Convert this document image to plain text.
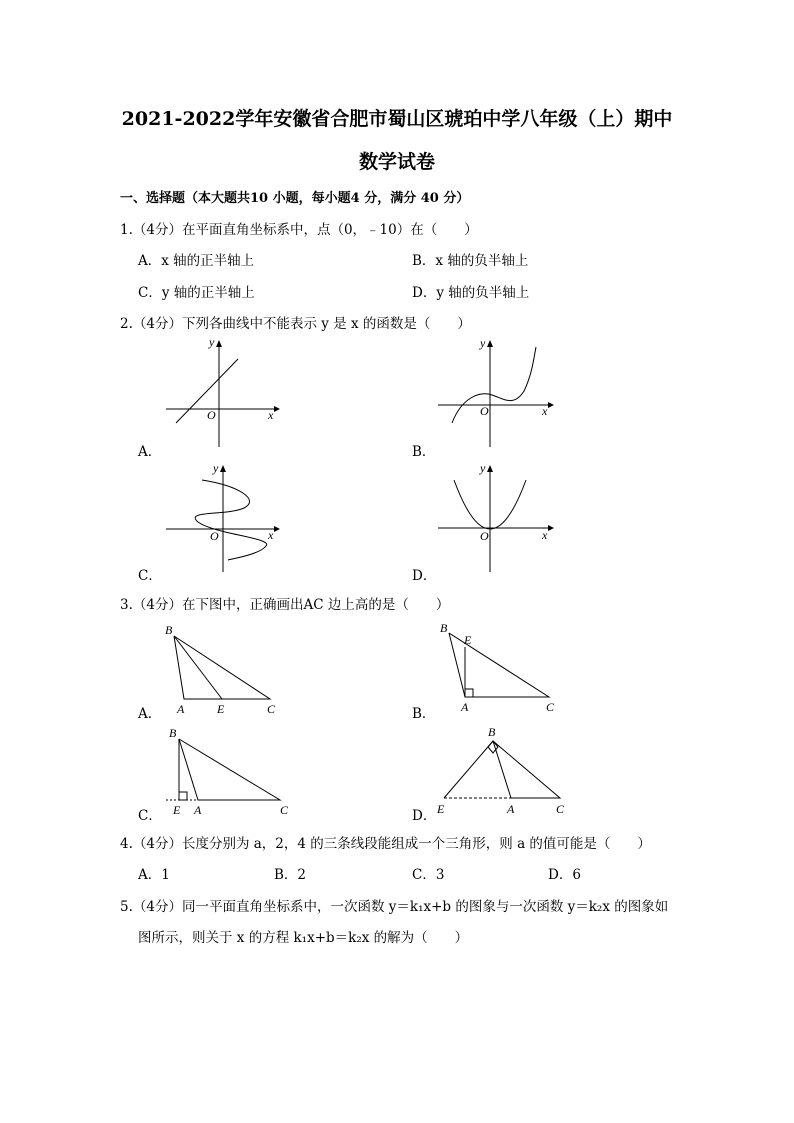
2021-2022学年安徽省合肥市蜀山区琥珀中学八年级（上）期中
数学试卷
一、选择题（本大题共10 小题，每小题4 分，满分 40 分）
1.（4分）在平面直角坐标系中，点（0，﹣10）在（　　）
A．x 轴的正半轴上	B．x 轴的负半轴上
C．y 轴的正半轴上	D．y 轴的负半轴上
2.（4分）下列各曲线中不能表示 y 是 x 的函数是（　　）
A．
y
x
O
B．
y
x
O
C．
y
x
O
D．
y
x
O
3.（4分）在下图中，正确画出AC 边上高的是（　　）
A．
B
A	E	C	B．
B
E
A	C
C．
B
E A	C	D．
B
E	A	C
4.（4分）长度分别为 a，2，4 的三条线段能组成一个三角形，则 a 的值可能是（　　）
A．1	B．2	C．3	D．6
5.（4分）同一平面直角坐标系中，一次函数 y＝k₁x+b 的图象与一次函数 y＝k₂x 的图象如
图所示，则关于 x 的方程 k₁x+b＝k₂x 的解为（　　）
